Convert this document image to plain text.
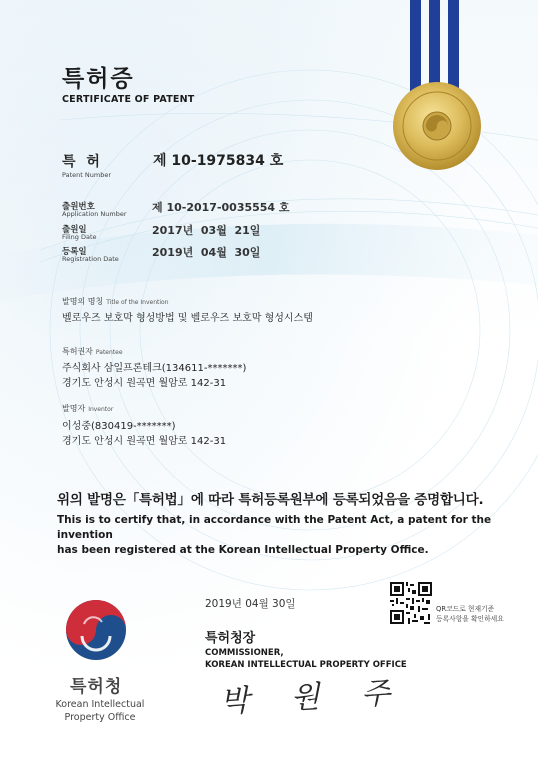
특허증
CERTIFICATE OF PATENT
특 허
Patent Number
제 10-1975834 호
출원번호
Application Number 제 10-2017-0035554 호
출원일
Filing Date	2017년  03월  21일
등록일
Registration Date	2019년  04월  30일
발명의 명칭 Title of the Invention
벨로우즈 보호막 형성방법 및 벨로우즈 보호막 형성시스템
특허권자 Patentee
주식회사 삼일프론테크(134611-*******)
경기도 안성시 원곡면 월암로 142-31
발명자 Inventor
이성중(830419-*******)
경기도 안성시 원곡면 월암로 142-31
위의 발명은「특허법」에 따라 특허등록원부에 등록되었음을 증명합니다.
This is to certify that, in accordance with the Patent Act, a patent for the invention
has been registered at the Korean Intellectual Property Office.
특허청
Korean Intellectual
Property Office
2019년 04월 30일
특허청장
COMMISSIONER,
KOREAN INTELLECTUAL PROPERTY OFFICE
박 원 주
QR코드로 현재기준
등록사항을 확인하세요
